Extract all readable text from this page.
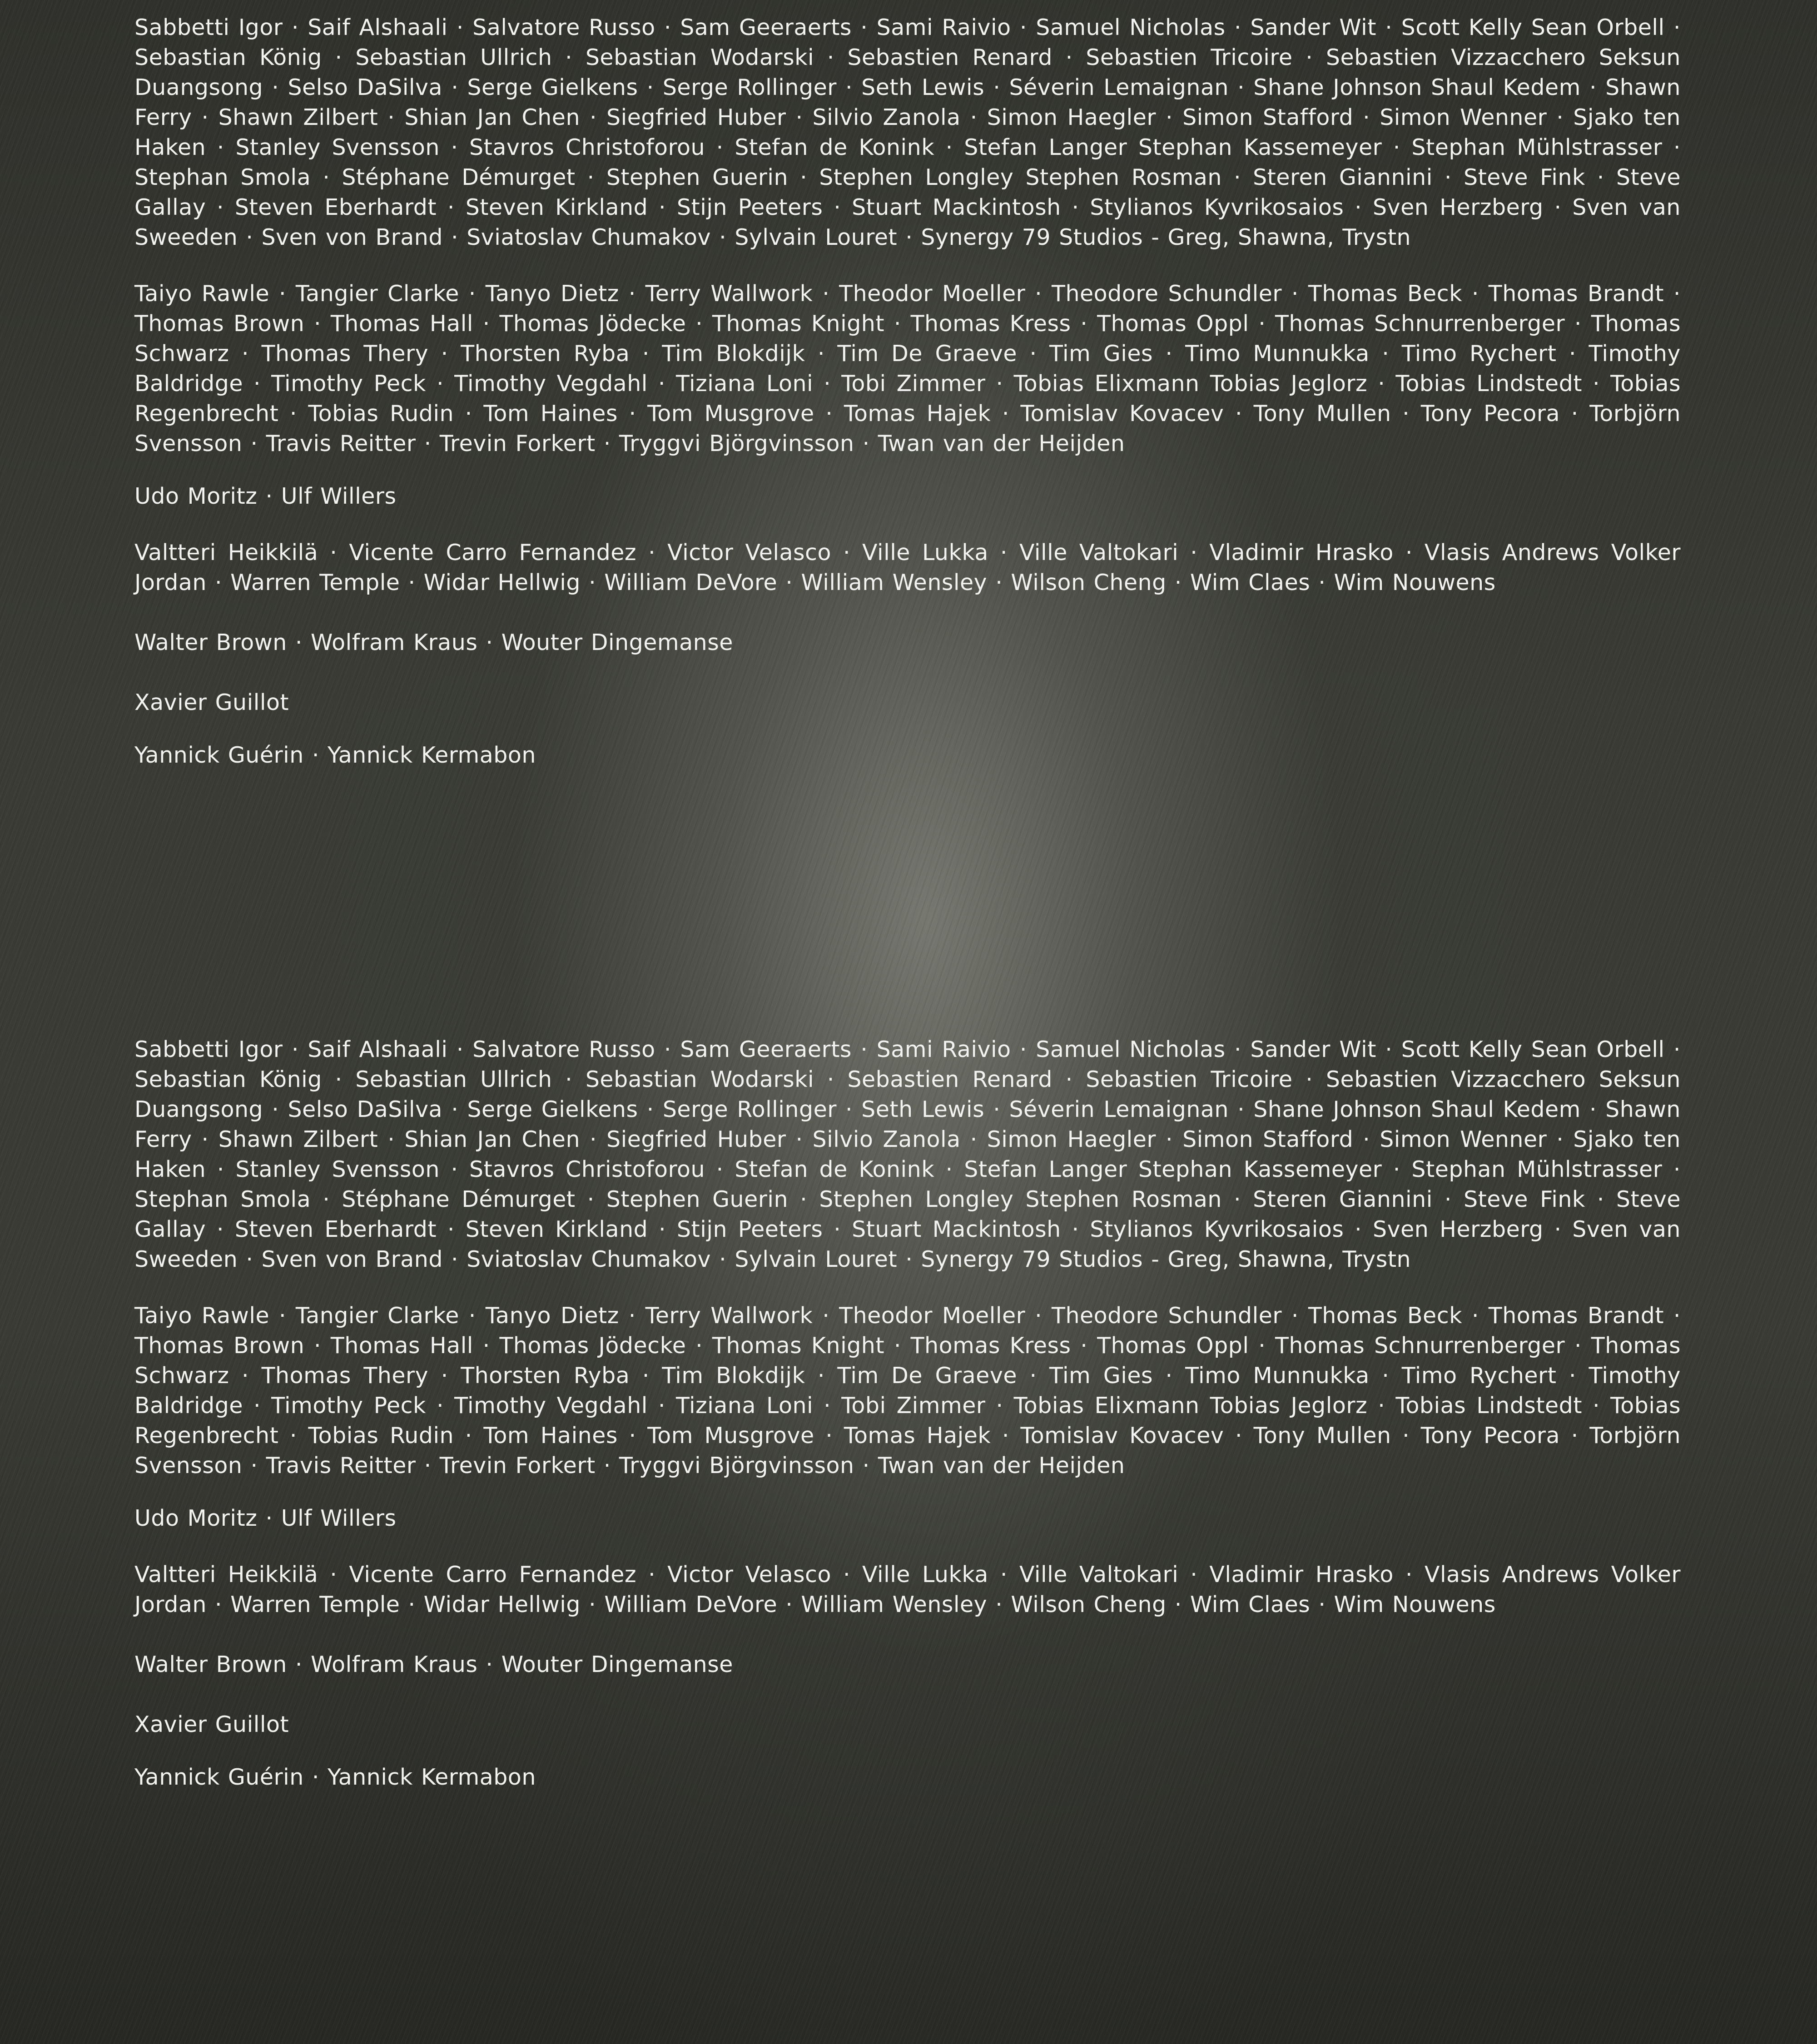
Sabbetti Igor · Saif Alshaali · Salvatore Russo · Sam Geeraerts · Sami Raivio · Samuel Nicholas · Sander Wit · Scott Kelly Sean Orbell · Sebastian König · Sebastian Ullrich · Sebastian Wodarski · Sebastien Renard · Sebastien Tricoire · Sebastien Vizzacchero Seksun Duangsong · Selso DaSilva · Serge Gielkens · Serge Rollinger · Seth Lewis · Séverin Lemaignan · Shane Johnson Shaul Kedem · Shawn Ferry · Shawn Zilbert · Shian Jan Chen · Siegfried Huber · Silvio Zanola · Simon Haegler · Simon Stafford · Simon Wenner · Sjako ten Haken · Stanley Svensson · Stavros Christoforou · Stefan de Konink · Stefan Langer Stephan Kassemeyer · Stephan Mühlstrasser · Stephan Smola · Stéphane Démurget · Stephen Guerin · Stephen Longley Stephen Rosman · Steren Giannini · Steve Fink · Steve Gallay · Steven Eberhardt · Steven Kirkland · Stijn Peeters · Stuart Mackintosh · Stylianos Kyvrikosaios · Sven Herzberg · Sven van Sweeden · Sven von Brand · Sviatoslav Chumakov · Sylvain Louret · Synergy 79 Studios - Greg, Shawna, Trystn

Taiyo Rawle · Tangier Clarke · Tanyo Dietz · Terry Wallwork · Theodor Moeller · Theodore Schundler · Thomas Beck · Thomas Brandt · Thomas Brown · Thomas Hall · Thomas Jödecke · Thomas Knight · Thomas Kress · Thomas Oppl · Thomas Schnurrenberger · Thomas Schwarz · Thomas Thery · Thorsten Ryba · Tim Blokdijk · Tim De Graeve · Tim Gies · Timo Munnukka · Timo Rychert · Timothy Baldridge · Timothy Peck · Timothy Vegdahl · Tiziana Loni · Tobi Zimmer · Tobias Elixmann Tobias Jeglorz · Tobias Lindstedt · Tobias Regenbrecht · Tobias Rudin · Tom Haines · Tom Musgrove · Tomas Hajek · Tomislav Kovacev · Tony Mullen · Tony Pecora · Torbjörn Svensson · Travis Reitter · Trevin Forkert · Tryggvi Björgvinsson · Twan van der Heijden

Udo Moritz · Ulf Willers

Valtteri Heikkilä · Vicente Carro Fernandez · Victor Velasco · Ville Lukka · Ville Valtokari · Vladimir Hrasko · Vlasis Andrews Volker Jordan · Warren Temple · Widar Hellwig · William DeVore · William Wensley · Wilson Cheng · Wim Claes · Wim Nouwens

Walter Brown · Wolfram Kraus · Wouter Dingemanse

Xavier Guillot

Yannick Guérin · Yannick Kermabon

Sabbetti Igor · Saif Alshaali · Salvatore Russo · Sam Geeraerts · Sami Raivio · Samuel Nicholas · Sander Wit · Scott Kelly Sean Orbell · Sebastian König · Sebastian Ullrich · Sebastian Wodarski · Sebastien Renard · Sebastien Tricoire · Sebastien Vizzacchero Seksun Duangsong · Selso DaSilva · Serge Gielkens · Serge Rollinger · Seth Lewis · Séverin Lemaignan · Shane Johnson Shaul Kedem · Shawn Ferry · Shawn Zilbert · Shian Jan Chen · Siegfried Huber · Silvio Zanola · Simon Haegler · Simon Stafford · Simon Wenner · Sjako ten Haken · Stanley Svensson · Stavros Christoforou · Stefan de Konink · Stefan Langer Stephan Kassemeyer · Stephan Mühlstrasser · Stephan Smola · Stéphane Démurget · Stephen Guerin · Stephen Longley Stephen Rosman · Steren Giannini · Steve Fink · Steve Gallay · Steven Eberhardt · Steven Kirkland · Stijn Peeters · Stuart Mackintosh · Stylianos Kyvrikosaios · Sven Herzberg · Sven van Sweeden · Sven von Brand · Sviatoslav Chumakov · Sylvain Louret · Synergy 79 Studios - Greg, Shawna, Trystn

Taiyo Rawle · Tangier Clarke · Tanyo Dietz · Terry Wallwork · Theodor Moeller · Theodore Schundler · Thomas Beck · Thomas Brandt · Thomas Brown · Thomas Hall · Thomas Jödecke · Thomas Knight · Thomas Kress · Thomas Oppl · Thomas Schnurrenberger · Thomas Schwarz · Thomas Thery · Thorsten Ryba · Tim Blokdijk · Tim De Graeve · Tim Gies · Timo Munnukka · Timo Rychert · Timothy Baldridge · Timothy Peck · Timothy Vegdahl · Tiziana Loni · Tobi Zimmer · Tobias Elixmann Tobias Jeglorz · Tobias Lindstedt · Tobias Regenbrecht · Tobias Rudin · Tom Haines · Tom Musgrove · Tomas Hajek · Tomislav Kovacev · Tony Mullen · Tony Pecora · Torbjörn Svensson · Travis Reitter · Trevin Forkert · Tryggvi Björgvinsson · Twan van der Heijden

Udo Moritz · Ulf Willers

Valtteri Heikkilä · Vicente Carro Fernandez · Victor Velasco · Ville Lukka · Ville Valtokari · Vladimir Hrasko · Vlasis Andrews Volker Jordan · Warren Temple · Widar Hellwig · William DeVore · William Wensley · Wilson Cheng · Wim Claes · Wim Nouwens

Walter Brown · Wolfram Kraus · Wouter Dingemanse

Xavier Guillot

Yannick Guérin · Yannick Kermabon
